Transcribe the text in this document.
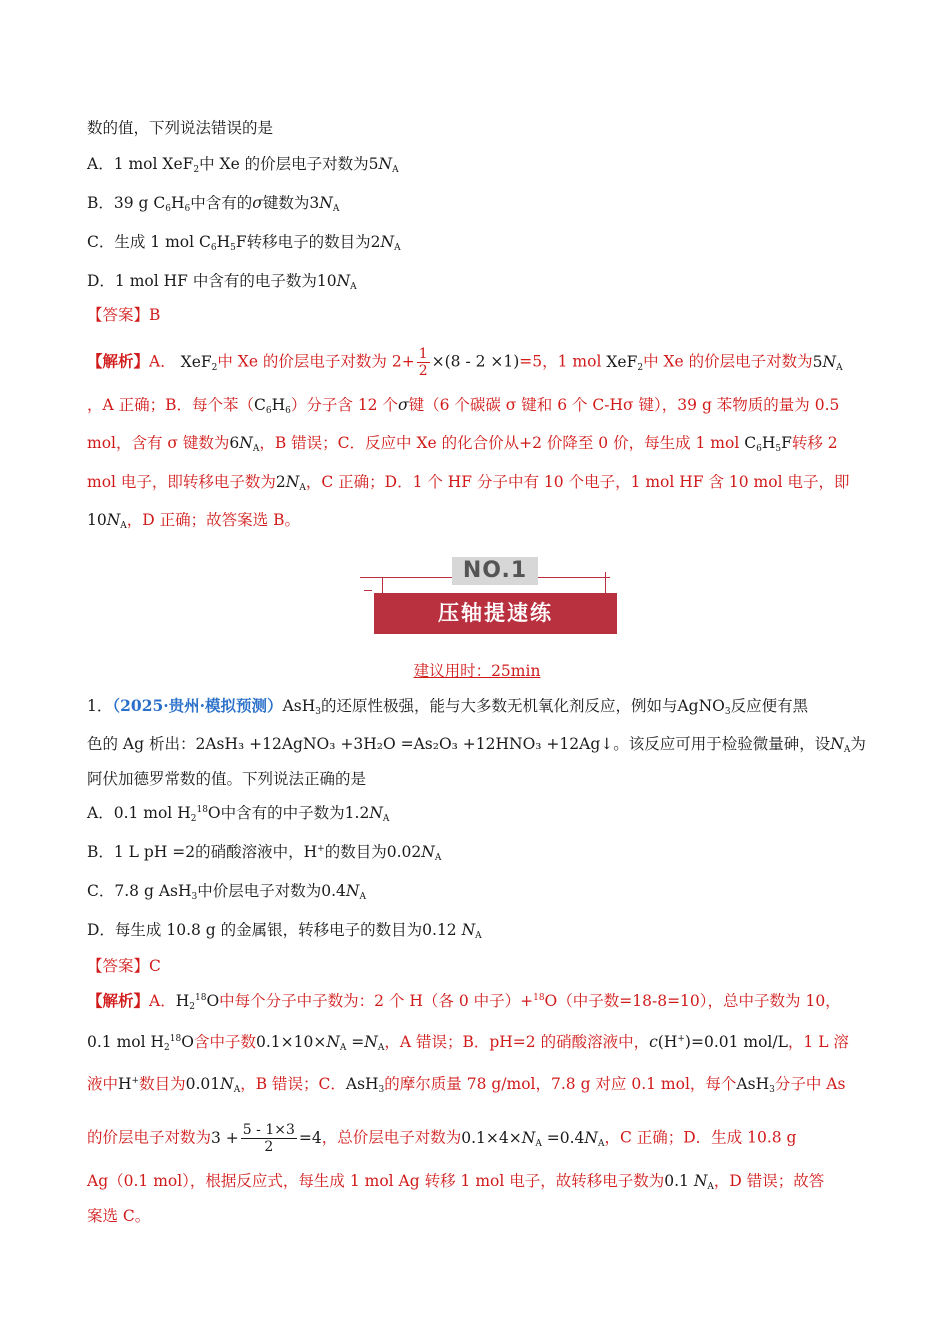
数的值，下列说法错误的是
A．1 mol XeF$_2$中 Xe 的价层电子对数为$5N_A$
B．39 g $C_6H_6$中含有的σ键数为$3N_A$
C．生成 1 mol $C_6H_5F$转移电子的数目为$2N_A$
D．1 mol HF 中含有的电子数为$10N_A$
【答案】B
【解析】A． XeF$_2$中 Xe 的价层电子对数为 $2+ \frac{1}{2} \times(8 - 2 \times 1)=5$，1 mol XeF$_2$中 Xe 的价层电子对数为$5N_A$
，A 正确；B．每个苯$(C_6H_6)$分子含 12 个σ键（6 个碳碳 σ 键和 6 个 C-Hσ 键），39 g 苯物质的量为 0.5
mol，含有 σ 键数为$6N_A$，B 错误；C．反应中 Xe 的化合价从+2 价降至 0 价，每生成 1 mol $C_6H_5F$转移 2
mol 电子，即转移电子数为$2N_A$，C 正确；D．1 个 HF 分子中有 10 个电子，1 mol HF 含 10 mol 电子，即
$10N_A$，D 正确；故答案选 B。
NO.1
压轴提速练
建议用时：25min
1．（2025·贵州·模拟预测）AsH$_3$的还原性极强，能与大多数无机氧化剂反应，例如与AgNO$_3$反应便有黑
色的 Ag 析出：2AsH₃ +12AgNO₃ +3H₂O =As₂O₃ +12HNO₃ +12Ag↓。该反应可用于检验微量砷，设$N_A$为
阿伏加德罗常数的值。下列说法正确的是
A．0.1 mol $H_2^{18}O$中含有的中子数为$1.2N_A$
B．1 L pH =2的硝酸溶液中，H+的数目为$0.02N_A$
C．7.8 g AsH$_3$中价层电子对数为$0.4N_A$
D．每生成 10.8 g 的金属银，转移电子的数目为0.12 $N_A$
【答案】C
【解析】A．$H_2^{18}O$中每个分子中子数为：2 个 H（各 0 中子）+$^{18}$O（中子数=18-8=10），总中子数为 10，
0.1 mol $H_2^{18}O$含中子数$0.1\times 10\times N_A =N_A$，A 错误；B．pH=2 的硝酸溶液中，c(H+)=0.01 mol/L，1 L 溶
液中H+数目为$0.01N_A$，B 错误；C．AsH$_3$的摩尔质量 78 g/mol，7.8 g 对应 0.1 mol，每个AsH$_3$分子中 As
的价层电子对数为$3 + \frac{5 - 1\times 3}{2} =4$，总价层电子对数为$0.1\times 4\times N_A =0.4N_A$，C 正确；D．生成 10.8 g
Ag（0.1 mol），根据反应式，每生成 1 mol Ag 转移 1 mol 电子，故转移电子数为0.1 $N_A$，D 错误；故答
案选 C。
